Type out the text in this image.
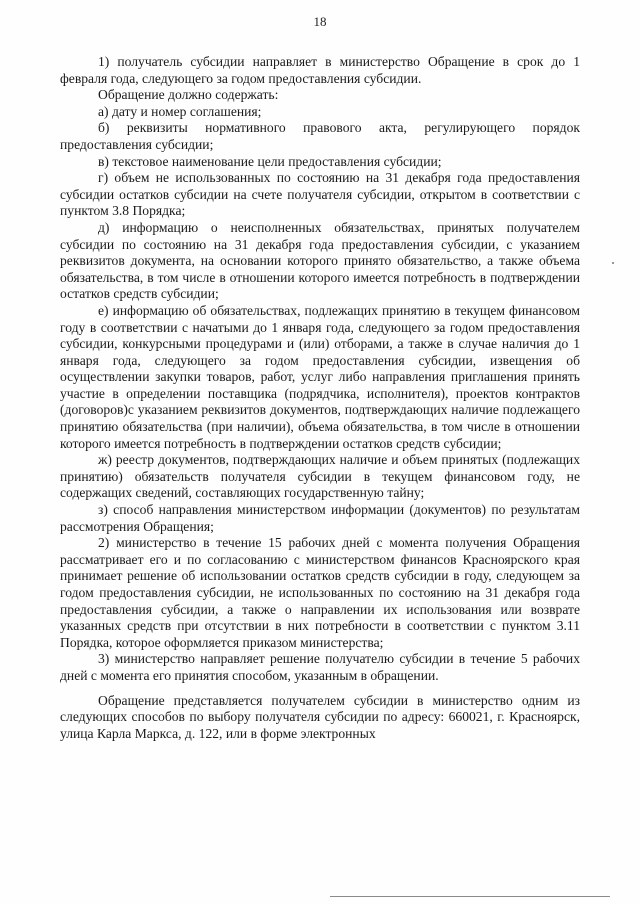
18

1) получатель субсидии направляет в министерство Обращение в срок до 1 февраля года, следующего за годом предоставления субсидии.

Обращение должно содержать:

а) дату и номер соглашения;

б) реквизиты нормативного правового акта, регулирующего порядок предоставления субсидии;

в) текстовое наименование цели предоставления субсидии;

г) объем не использованных по состоянию на 31 декабря года предоставления субсидии остатков субсидии на счете получателя субсидии, открытом в соответствии с пунктом 3.8 Порядка;

д) информацию о неисполненных обязательствах, принятых получателем субсидии по состоянию на 31 декабря года предоставления субсидии, с указанием реквизитов документа, на основании которого принято обязательство, а также объема обязательства, в том числе в отношении которого имеется потребность в подтверждении остатков средств субсидии;

е) информацию об обязательствах, подлежащих принятию в текущем финансовом году в соответствии с начатыми до 1 января года, следующего за годом предоставления субсидии, конкурсными процедурами и (или) отборами, а также в случае наличия до 1 января года, следующего за годом предоставления субсидии, извещения об осуществлении закупки товаров, работ, услуг либо направления приглашения принять участие в определении поставщика (подрядчика, исполнителя), проектов контрактов (договоров)с указанием реквизитов документов, подтверждающих наличие подлежащего принятию обязательства (при наличии), объема обязательства, в том числе в отношении которого имеется потребность в подтверждении остатков средств субсидии;

ж) реестр документов, подтверждающих наличие и объем принятых (подлежащих принятию) обязательств получателя субсидии в текущем финансовом году, не содержащих сведений, составляющих государственную тайну;

з) способ направления министерством информации (документов) по результатам рассмотрения Обращения;

2) министерство в течение 15 рабочих дней с момента получения Обращения рассматривает его и по согласованию с министерством финансов Красноярского края принимает решение об использовании остатков средств субсидии в году, следующем за годом предоставления субсидии, не использованных по состоянию на 31 декабря года предоставления субсидии, а также о направлении их использования или возврате указанных средств при отсутствии в них потребности в соответствии с пунктом 3.11 Порядка, которое оформляется приказом министерства;

3) министерство направляет решение получателю субсидии в течение 5 рабочих дней с момента его принятия способом, указанным в обращении.

Обращение представляется получателем субсидии в министерство одним из следующих способов по выбору получателя субсидии по адресу: 660021, г. Красноярск, улица Карла Маркса, д. 122, или в форме электронных
